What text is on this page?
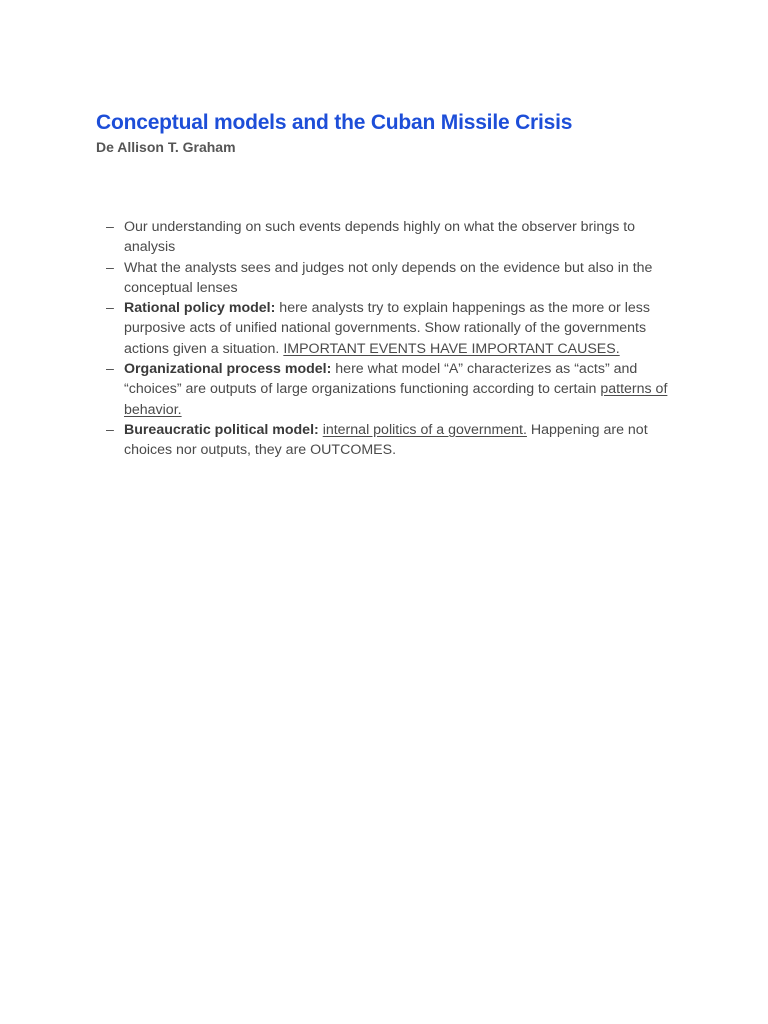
Conceptual models and the Cuban Missile Crisis

De Allison T. Graham

– Our understanding on such events depends highly on what the observer brings to analysis
– What the analysts sees and judges not only depends on the evidence but also in the conceptual lenses
– Rational policy model: here analysts try to explain happenings as the more or less purposive acts of unified national governments. Show rationally of the governments actions given a situation. IMPORTANT EVENTS HAVE IMPORTANT CAUSES.
– Organizational process model: here what model “A” characterizes as “acts” and “choices” are outputs of large organizations functioning according to certain patterns of behavior.
– Bureaucratic political model: internal politics of a government. Happening are not choices nor outputs, they are OUTCOMES.
